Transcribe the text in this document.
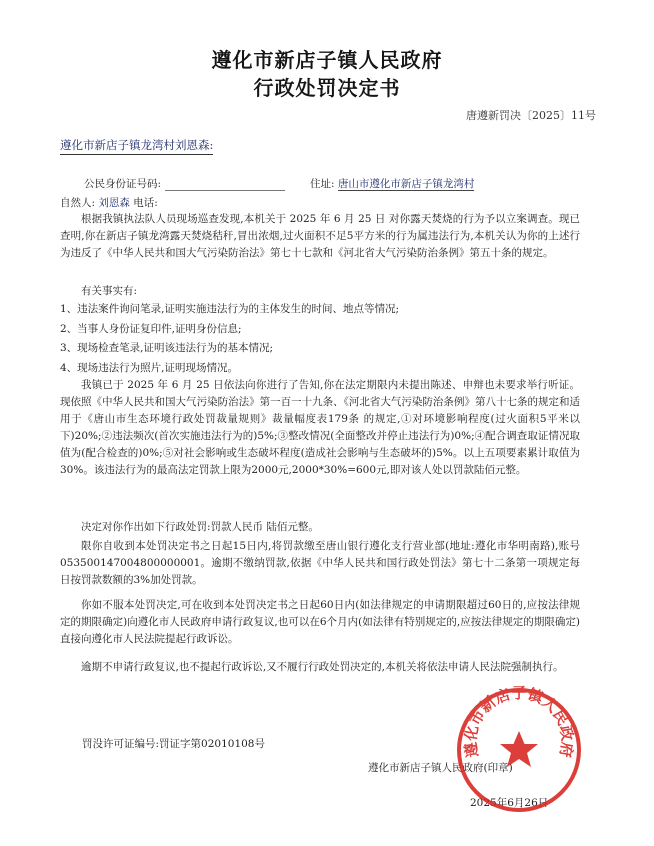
遵化市新店子镇人民政府
行政处罚决定书
唐遵新罚决〔2025〕11号
遵化市新店子镇龙湾村刘恩森:
公民身份证号码:	住址: 唐山市遵化市新店子镇龙湾村
自然人: 刘恩森 电话:

根据我镇执法队人员现场巡查发现,本机关于 2025 年 6 月 25 日 对你露天焚烧的行为予以立案调查。现已查明,你在新店子镇龙湾露天焚烧秸秆,冒出浓烟,过火面积不足5平方米的行为属违法行为,本机关认为你的上述行为违反了《中华人民共和国大气污染防治法》第七十七款和《河北省大气污染防治条例》第五十条的规定。

有关事实有:
1、违法案件询问笔录,证明实施违法行为的主体发生的时间、地点等情况;
2、当事人身份证复印件,证明身份信息;
3、现场检查笔录,证明该违法行为的基本情况;
4、现场违法行为照片,证明现场情况。

我镇已于 2025 年 6 月 25 日依法向你进行了告知,你在法定期限内未提出陈述、申辩也未要求举行听证。现依照《中华人民共和国大气污染防治法》第一百一十九条、《河北省大气污染防治条例》第八十七条的规定和适用于《唐山市生态环境行政处罚裁量规则》裁量幅度表179条 的规定,①对环境影响程度(过火面积5平米以下)20%;②违法频次(首次实施违法行为的)5%;③整改情况(全面整改并停止违法行为)0%;④配合调查取证情况取值为(配合检查的)0%;⑤对社会影响或生态破坏程度(造成社会影响与生态破坏的)5%。以上五项要素累计取值为30%。该违法行为的最高法定罚款上限为2000元,2000*30%=600元,即对该人处以罚款陆佰元整。

决定对你作出如下行政处罚:罚款人民币 陆佰元整。

限你自收到本处罚决定书之日起15日内,将罚款缴至唐山银行遵化支行营业部(地址:遵化市华明南路),账号053500147004800000001。逾期不缴纳罚款,依据《中华人民共和国行政处罚法》第七十二条第一项规定每日按罚款数额的3%加处罚款。

你如不服本处罚决定,可在收到本处罚决定书之日起60日内(如法律规定的申请期限超过60日的,应按法律规定的期限确定)向遵化市人民政府申请行政复议,也可以在6个月内(如法律有特别规定的,应按法律规定的期限确定)直接向遵化市人民法院提起行政诉讼。

逾期不申请行政复议,也不提起行政诉讼,又不履行行政处罚决定的,本机关将依法申请人民法院强制执行。

罚没许可证编号:罚证字第02010108号
遵化市新店子镇人民政府(印章)
2025年6月26日
遵化市新店子镇人民政府
